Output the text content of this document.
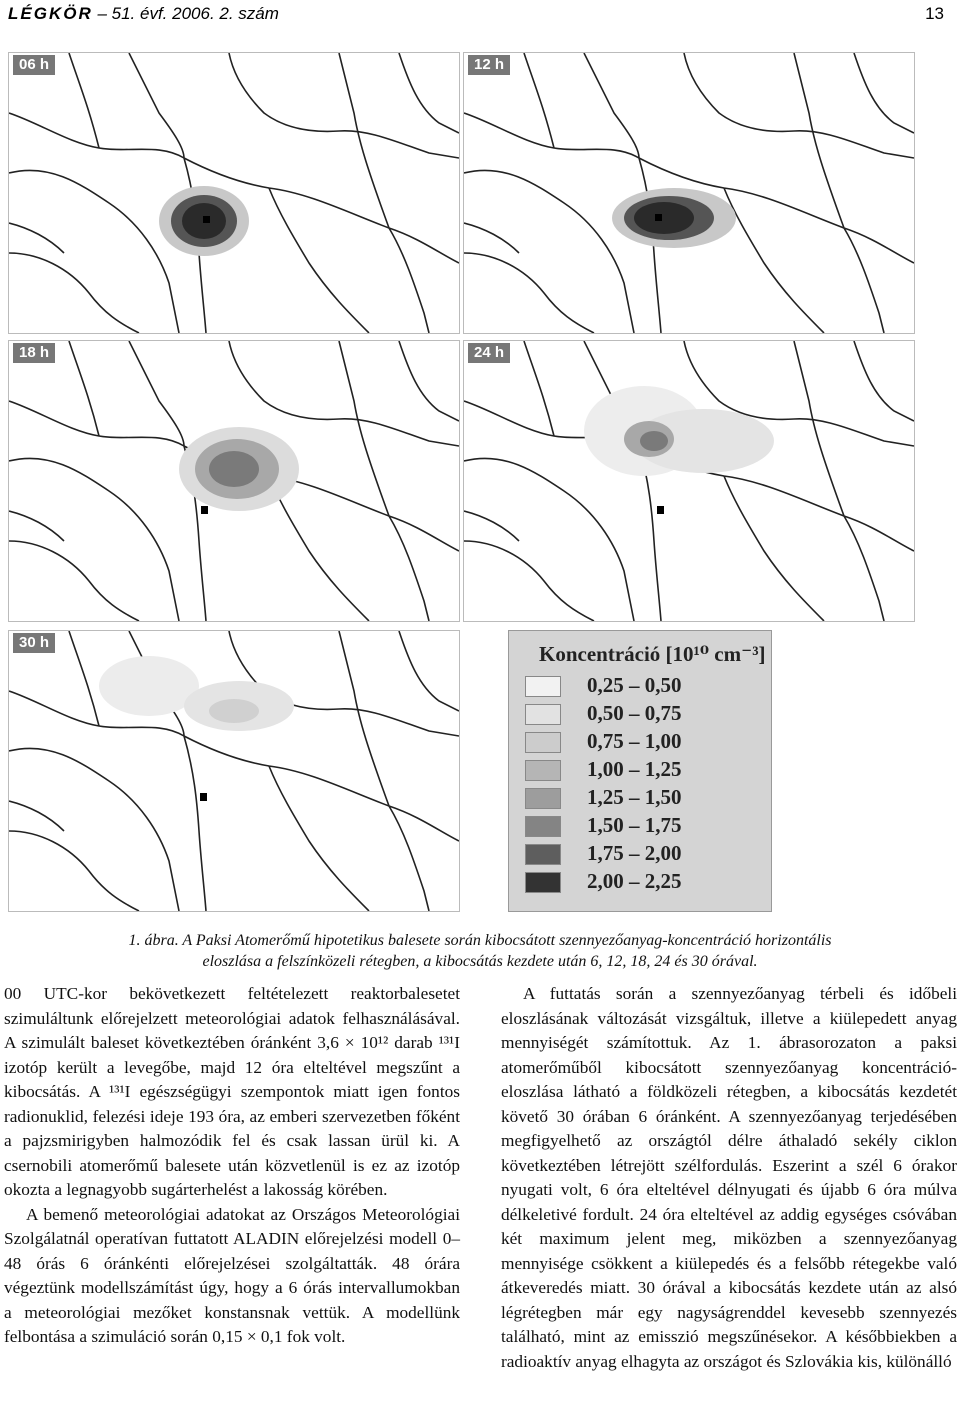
LÉGKÖR – 51. évf. 2006. 2. szám	13
06 h	12 h
18 h	24 h
30 h	Koncentráció [10¹⁰ cm⁻³]
0,25 – 0,50
0,50 – 0,75
0,75 – 1,00
1,00 – 1,25
1,25 – 1,50
1,50 – 1,75
1,75 – 2,00
2,00 – 2,25
1. ábra. A Paksi Atomerőmű hipotetikus balesete során kibocsátott szennyezőanyag-koncentráció horizontális
eloszlása a felszínközeli rétegben, a kibocsátás kezdete után 6, 12, 18, 24 és 30 órával.

00 UTC-kor bekövetkezett feltételezett reaktorbalesetet szimuláltunk előrejelzett meteorológiai adatok felhasználásával. A szimulált baleset következtében óránként 3,6 × 10¹² darab ¹³¹I izotóp került a levegőbe, majd 12 óra elteltével megszűnt a kibocsátás. A ¹³¹I egészségügyi szempontok miatt igen fontos radionuklid, felezési ideje 193 óra, az emberi szervezetben főként a pajzsmirigyben halmozódik fel és csak lassan ürül ki. A csernobili atomerőmű balesete után közvetlenül is ez az izotóp okozta a legnagyobb sugárterhelést a lakosság körében.

A bemenő meteorológiai adatokat az Országos Meteorológiai Szolgálatnál operatívan futtatott ALADIN előrejelzési modell 0–48 órás 6 óránkénti előrejelzései szolgáltatták. 48 órára végeztünk modellszámítást úgy, hogy a 6 órás intervallumokban a meteorológiai mezőket konstansnak vettük. A modellünk felbontása a szimuláció során 0,15 × 0,1 fok volt.

A futtatás során a szennyezőanyag térbeli és időbeli eloszlásának változását vizsgáltuk, illetve a kiülepedett anyag mennyiségét számítottuk. Az 1. ábrasorozaton a paksi atomerőműből kibocsátott szennyezőanyag koncentráció-eloszlása látható a földközeli rétegben, a kibocsátás kezdetét követő 30 órában 6 óránként. A szennyezőanyag terjedésében megfigyelhető az országtól délre áthaladó sekély ciklon következtében létrejött szélfordulás. Eszerint a szél 6 órakor nyugati volt, 6 óra elteltével délnyugati és újabb 6 óra múlva délkeletivé fordult. 24 óra elteltével az addig egységes csóvában két maximum jelent meg, miközben a szennyezőanyag mennyisége csökkent a kiülepedés és a felsőbb rétegekbe való átkeveredés miatt. 30 órával a kibocsátás kezdete után az alsó légrétegben már egy nagyságrenddel kevesebb szennyezés található, mint az emisszió megszűnésekor. A későbbiekben a radioaktív anyag elhagyta az országot és Szlovákia kis, különálló
